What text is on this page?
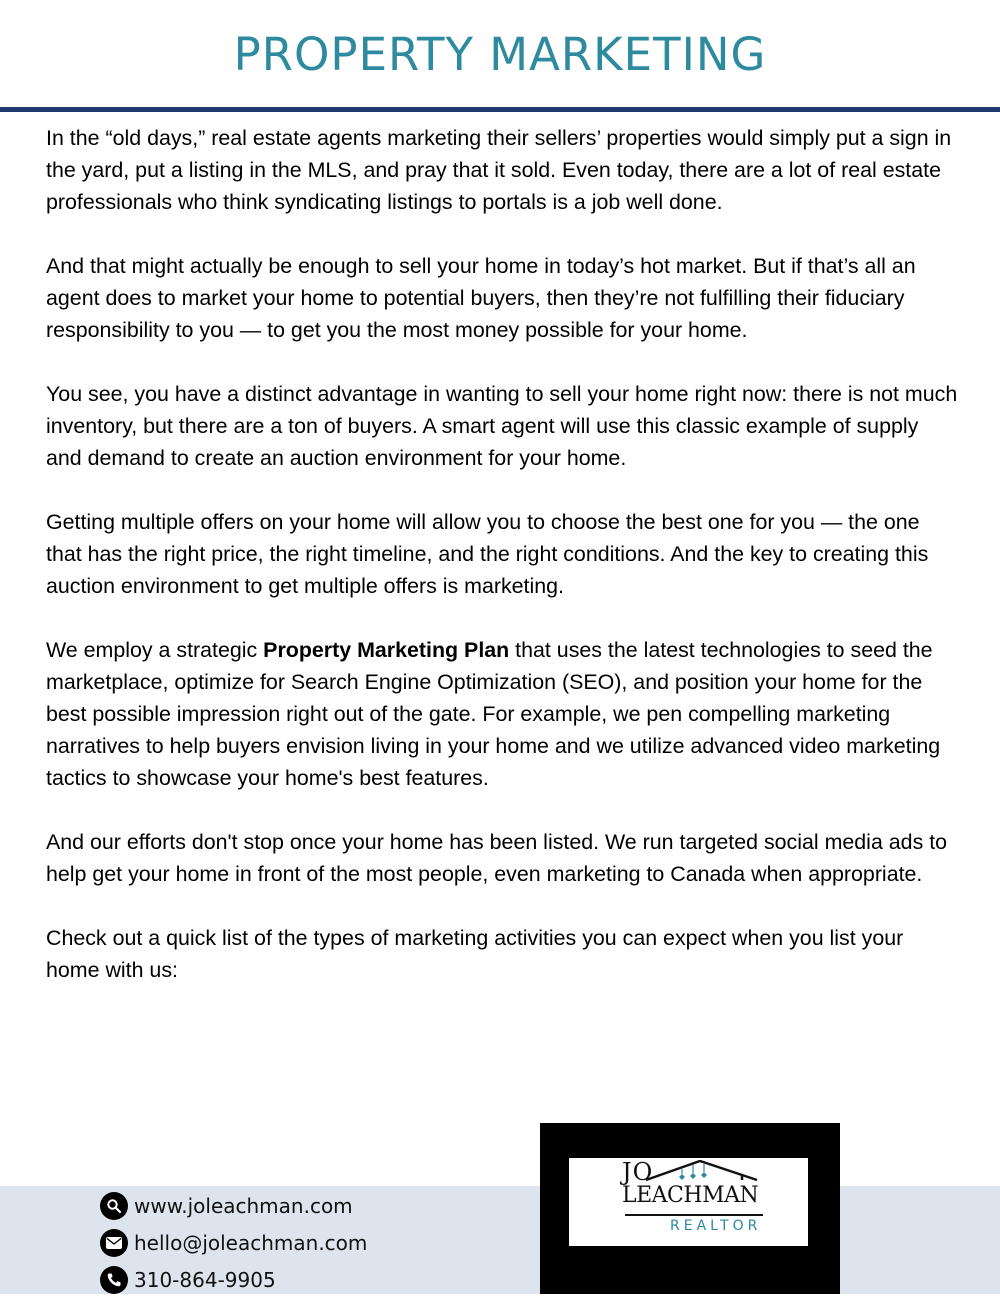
PROPERTY MARKETING

In the “old days,” real estate agents marketing their sellers’ properties would simply put a sign in the yard, put a listing in the MLS, and pray that it sold. Even today, there are a lot of real estate professionals who think syndicating listings to portals is a job well done.

And that might actually be enough to sell your home in today’s hot market. But if that’s all an agent does to market your home to potential buyers, then they’re not fulfilling their fiduciary responsibility to you — to get you the most money possible for your home.

You see, you have a distinct advantage in wanting to sell your home right now: there is not much inventory, but there are a ton of buyers. A smart agent will use this classic example of supply and demand to create an auction environment for your home.

Getting multiple offers on your home will allow you to choose the best one for you — the one that has the right price, the right timeline, and the right conditions. And the key to creating this auction environment to get multiple offers is marketing.

We employ a strategic Property Marketing Plan that uses the latest technologies to seed the marketplace, optimize for Search Engine Optimization (SEO), and position your home for the best possible impression right out of the gate. For example, we pen compelling marketing narratives to help buyers envision living in your home and we utilize advanced video marketing tactics to showcase your home's best features.

And our efforts don't stop once your home has been listed. We run targeted social media ads to help get your home in front of the most people, even marketing to Canada when appropriate.

Check out a quick list of the types of marketing activities you can expect when you list your home with us:

www.joleachman.com
hello@joleachman.com
310-864-9905
JO
LEACHMAN
REALTOR
